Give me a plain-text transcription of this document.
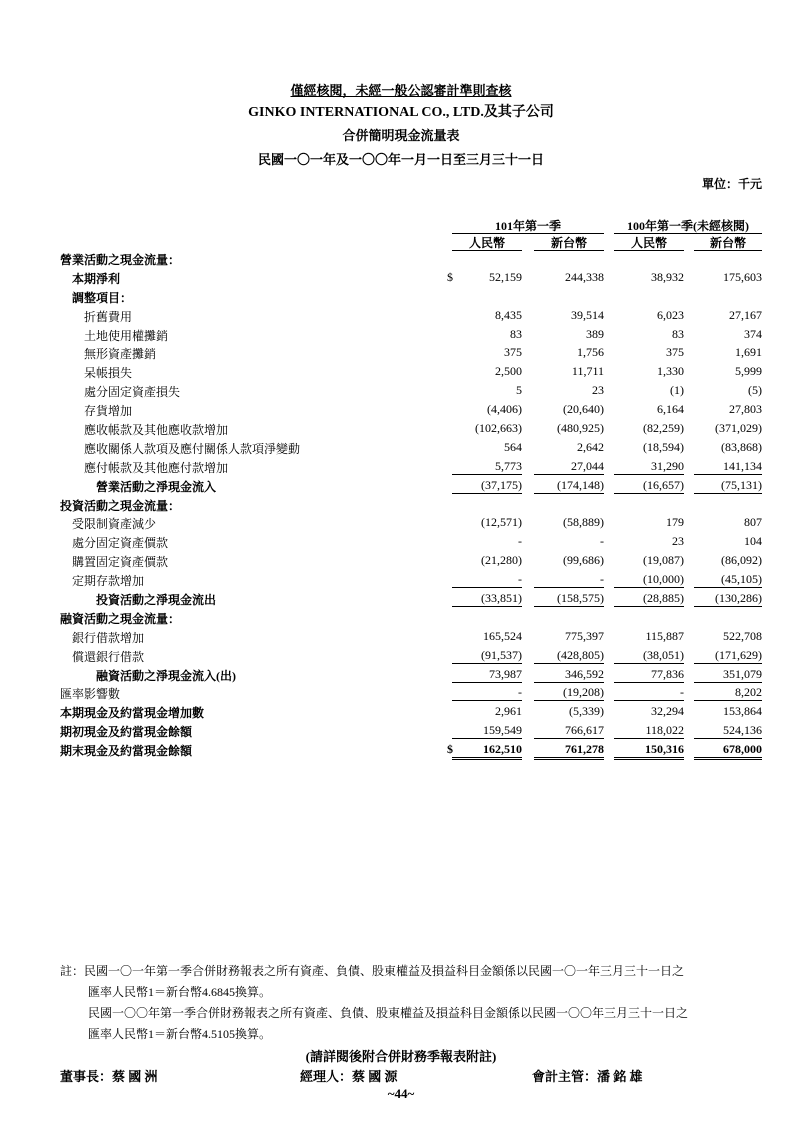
僅經核閱，未經一般公認審計準則查核
GINKO INTERNATIONAL CO., LTD.及其子公司
合併簡明現金流量表
民國一〇一年及一〇〇年一月一日至三月三十一日
單位：千元
101年第一季	100年第一季(未經核閱)
人民幣	新台幣	人民幣	新台幣
營業活動之現金流量：
本期淨利	$	52,159	244,338	38,932	175,603
調整項目：
折舊費用	8,435	39,514	6,023	27,167
土地使用權攤銷	83	389	83	374
無形資產攤銷	375	1,756	375	1,691
呆帳損失	2,500	11,711	1,330	5,999
處分固定資產損失	5	23	(1)	(5)
存貨增加	(4,406)	(20,640)	6,164	27,803
應收帳款及其他應收款增加	(102,663)	(480,925)	(82,259)	(371,029)
應收關係人款項及應付關係人款項淨變動	564	2,642	(18,594)	(83,868)
應付帳款及其他應付款增加	5,773	27,044	31,290	141,134
營業活動之淨現金流入	(37,175)	(174,148)	(16,657)	(75,131)
投資活動之現金流量：
受限制資產減少	(12,571)	(58,889)	179	807
處分固定資產價款	-	-	23	104
購置固定資產價款	(21,280)	(99,686)	(19,087)	(86,092)
定期存款增加	-	-	(10,000)	(45,105)
投資活動之淨現金流出	(33,851)	(158,575)	(28,885)	(130,286)
融資活動之現金流量：
銀行借款增加	165,524	775,397	115,887	522,708
償還銀行借款	(91,537)	(428,805)	(38,051)	(171,629)
融資活動之淨現金流入(出)	73,987	346,592	77,836	351,079
匯率影響數	-	(19,208)	-	8,202
本期現金及約當現金增加數	2,961	(5,339)	32,294	153,864
期初現金及約當現金餘額	159,549	766,617	118,022	524,136
期末現金及約當現金餘額	$	162,510	761,278	150,316	678,000
註：民國一〇一年第一季合併財務報表之所有資產、負債、股東權益及損益科目金額係以民國一〇一年三月三十一日之
匯率人民幣1＝新台幣4.6845換算。
民國一〇〇年第一季合併財務報表之所有資產、負債、股東權益及損益科目金額係以民國一〇〇年三月三十一日之
匯率人民幣1＝新台幣4.5105換算。
(請詳閱後附合併財務季報表附註)
董事長：蔡 國 洲	經理人：蔡 國 源	會計主管：潘 銘 雄
~44~
